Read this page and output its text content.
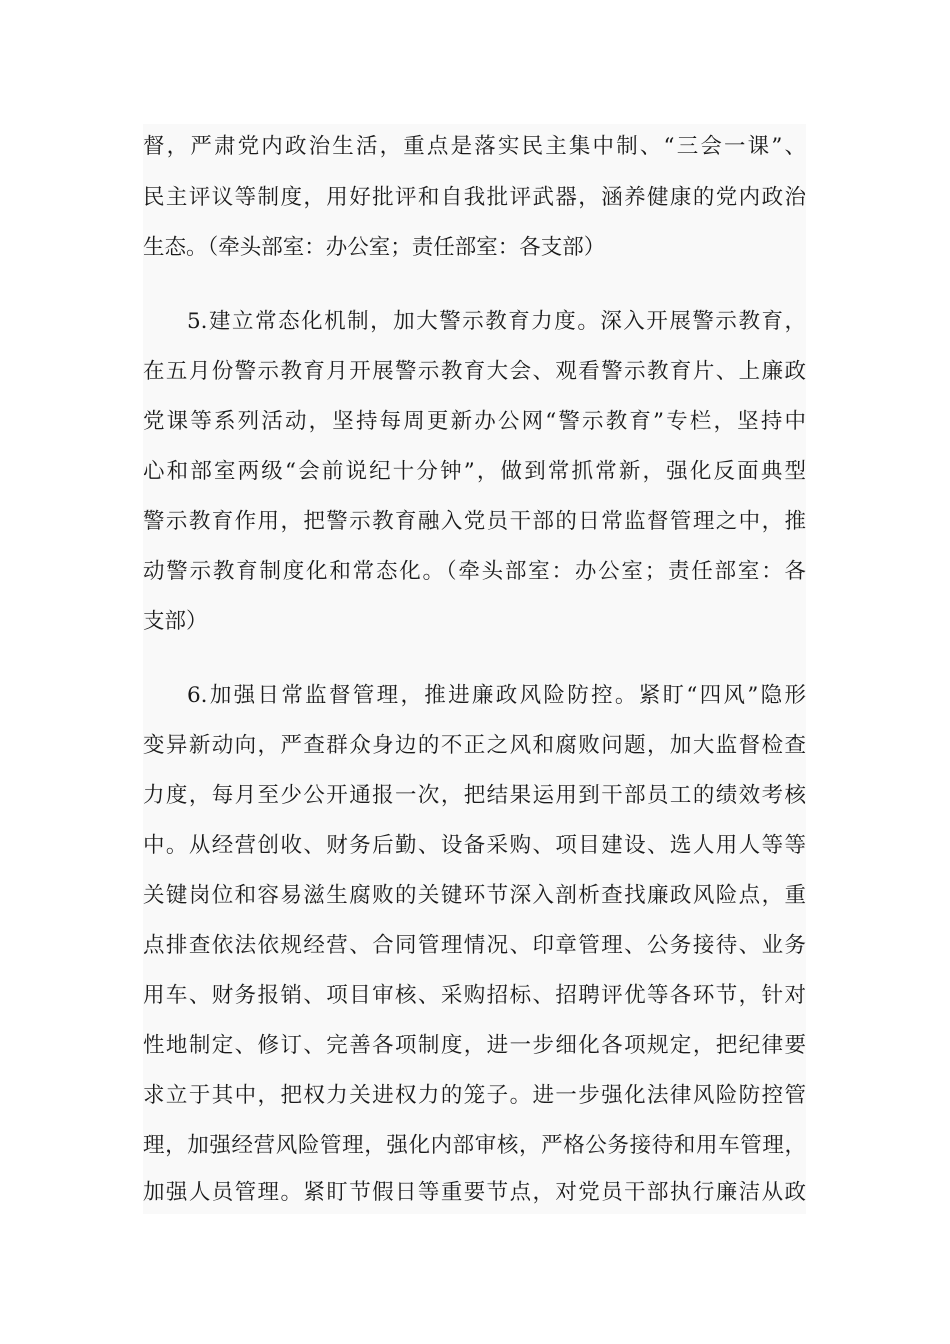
督，严肃党内政治生活，重点是落实民主集中制、“三会一课”、
民主评议等制度，用好批评和自我批评武器，涵养健康的党内政治
生态。（牵头部室：办公室；责任部室：各支部）
5.建立常态化机制，加大警示教育力度。深入开展警示教育，
在五月份警示教育月开展警示教育大会、观看警示教育片、上廉政
党课等系列活动，坚持每周更新办公网“警示教育”专栏，坚持中
心和部室两级“会前说纪十分钟”，做到常抓常新，强化反面典型
警示教育作用，把警示教育融入党员干部的日常监督管理之中，推
动警示教育制度化和常态化。（牵头部室：办公室；责任部室：各
支部）
6.加强日常监督管理，推进廉政风险防控。紧盯“四风”隐形
变异新动向，严查群众身边的不正之风和腐败问题，加大监督检查
力度，每月至少公开通报一次，把结果运用到干部员工的绩效考核
中。从经营创收、财务后勤、设备采购、项目建设、选人用人等等
关键岗位和容易滋生腐败的关键环节深入剖析查找廉政风险点，重
点排查依法依规经营、合同管理情况、印章管理、公务接待、业务
用车、财务报销、项目审核、采购招标、招聘评优等各环节，针对
性地制定、修订、完善各项制度，进一步细化各项规定，把纪律要
求立于其中，把权力关进权力的笼子。进一步强化法律风险防控管
理，加强经营风险管理，强化内部审核，严格公务接待和用车管理，
加强人员管理。紧盯节假日等重要节点，对党员干部执行廉洁从政
